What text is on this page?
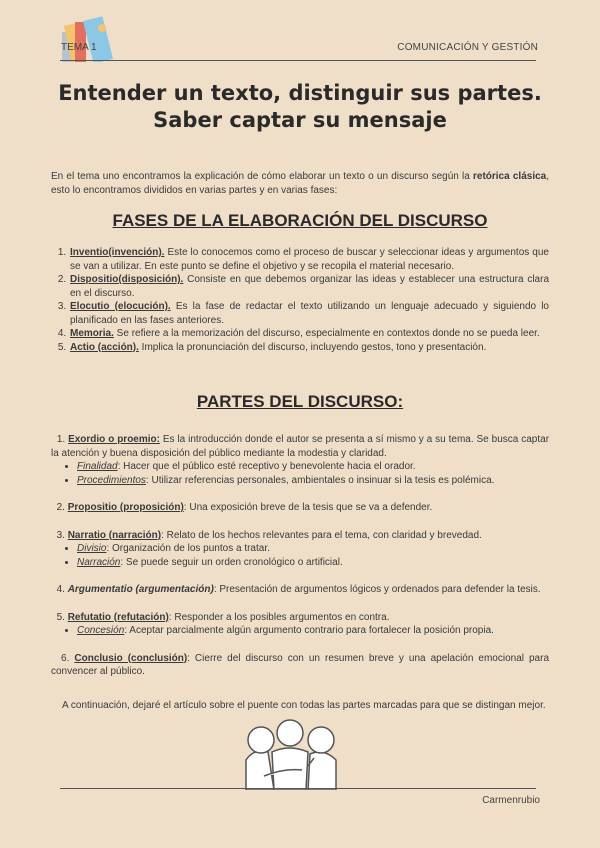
TEMA 1	COMUNICACIÓN Y GESTIÓN
Entender un texto, distinguir sus partes.
Saber captar su mensaje
En el tema uno encontramos la explicación de cómo elaborar un texto o un discurso según la retórica clásica, esto lo encontramos divididos en varias partes y en varias fases:
FASES DE LA ELABORACIÓN DEL DISCURSO
1. Inventio(invención). Este lo conocemos como el proceso de buscar y seleccionar ideas y argumentos que se van a utilizar. En este punto se define el objetivo y se recopila el material necesario.
2. Dispositio(disposición). Consiste en que debemos organizar las ideas y establecer una estructura clara en el discurso.
3. Elocutio (elocución). Es la fase de redactar el texto utilizando un lenguaje adecuado y siguiendo lo planificado en las fases anteriores.
4. Memoria. Se refiere a la memorización del discurso, especialmente en contextos donde no se pueda leer.
5. Actio (acción). Implica la pronunciación del discurso, incluyendo gestos, tono y presentación.
PARTES DEL DISCURSO:
1. Exordio o proemio: Es la introducción donde el autor se presenta a sí mismo y a su tema. Se busca captar la atención y buena disposición del público mediante la modestia y claridad.
• Finalidad: Hacer que el público esté receptivo y benevolente hacia el orador.
• Procedimientos: Utilizar referencias personales, ambientales o insinuar si la tesis es polémica.
2. Propositio (proposición): Una exposición breve de la tesis que se va a defender.
3. Narratio (narración): Relato de los hechos relevantes para el tema, con claridad y brevedad.
• Divisio: Organización de los puntos a tratar.
• Narración: Se puede seguir un orden cronológico o artificial.
4. Argumentatio (argumentación): Presentación de argumentos lógicos y ordenados para defender la tesis.
5. Refutatio (refutación): Responder a los posibles argumentos en contra.
• Concesión: Aceptar parcialmente algún argumento contrario para fortalecer la posición propia.
6. Conclusio (conclusión): Cierre del discurso con un resumen breve y una apelación emocional para convencer al público.
A continuación, dejaré el artículo sobre el puente con todas las partes marcadas para que se distingan mejor.
Carmenrubio
